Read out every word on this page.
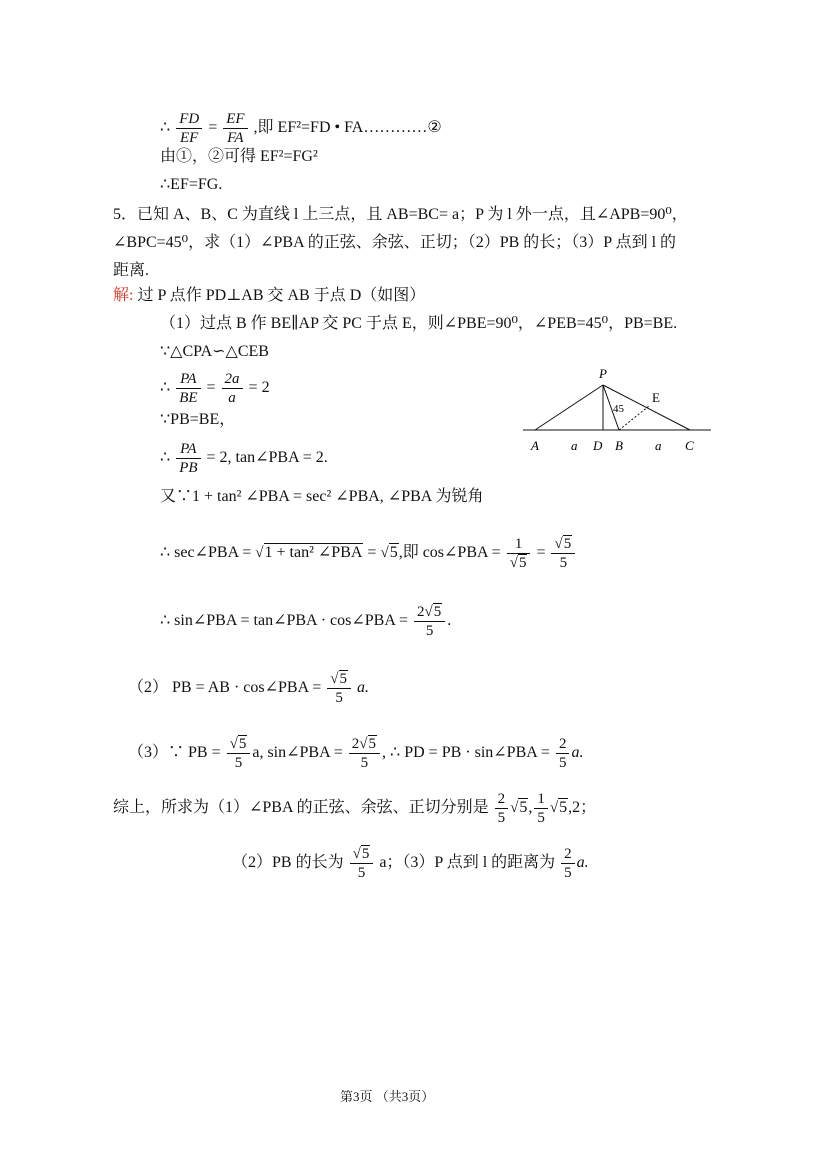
∴ $\frac{FD}{EF} = \frac{EF}{FA}$ ,即 EF²=FD • FA…………②
由①，②可得 EF²=FG²
∴EF=FG.
5．已知 A、B、C 为直线 l 上三点，且 AB=BC= a；P 为 l 外一点，且∠APB=90⁰，
∠BPC=45⁰，求（1）∠PBA 的正弦、余弦、正切；（2）PB 的长；（3）P 点到 l 的
距离.
解: 过 P 点作 PD⊥AB 交 AB 于点 D（如图）
（1）过点 B 作 BE∥AP 交 PC 于点 E，则∠PBE=90⁰，∠PEB=45⁰，PB=BE.
∵△CPA∽△CEB
∴ $\frac{PA}{BE} = \frac{2a}{a} = 2$
∵PB=BE，
∴ $\frac{PA}{PB} = 2$, tan∠PBA = 2.
又∵1 + tan² ∠PBA = sec² ∠PBA, ∠PBA 为锐角
∴ sec∠PBA = √1 + tan² ∠PBA = √5,即 cos∠PBA = $\frac{1}{√5} = \frac{√5}{5}$
∴ sin∠PBA = tan∠PBA · cos∠PBA = $\frac{2√5}{5}$ .
（2） PB = AB · cos∠PBA = $\frac{√5}{5} a$.
（3）∵ PB = $\frac{√5}{5} a$, sin∠PBA = $\frac{2√5}{5}$ , ∴ PD = PB · sin∠PBA = $\frac{2}{5} a$.
综上，所求为（1）∠PBA 的正弦、余弦、正切分别是 $\frac{2}{5} √5$, $\frac{1}{5} √5,2$；
（2）PB 的长为 $\frac{√5}{5}$ a；（3）P 点到 l 的距离为 $\frac{2}{5} a$.
P
E
45
A a D B a C
第3页 （共3页）
